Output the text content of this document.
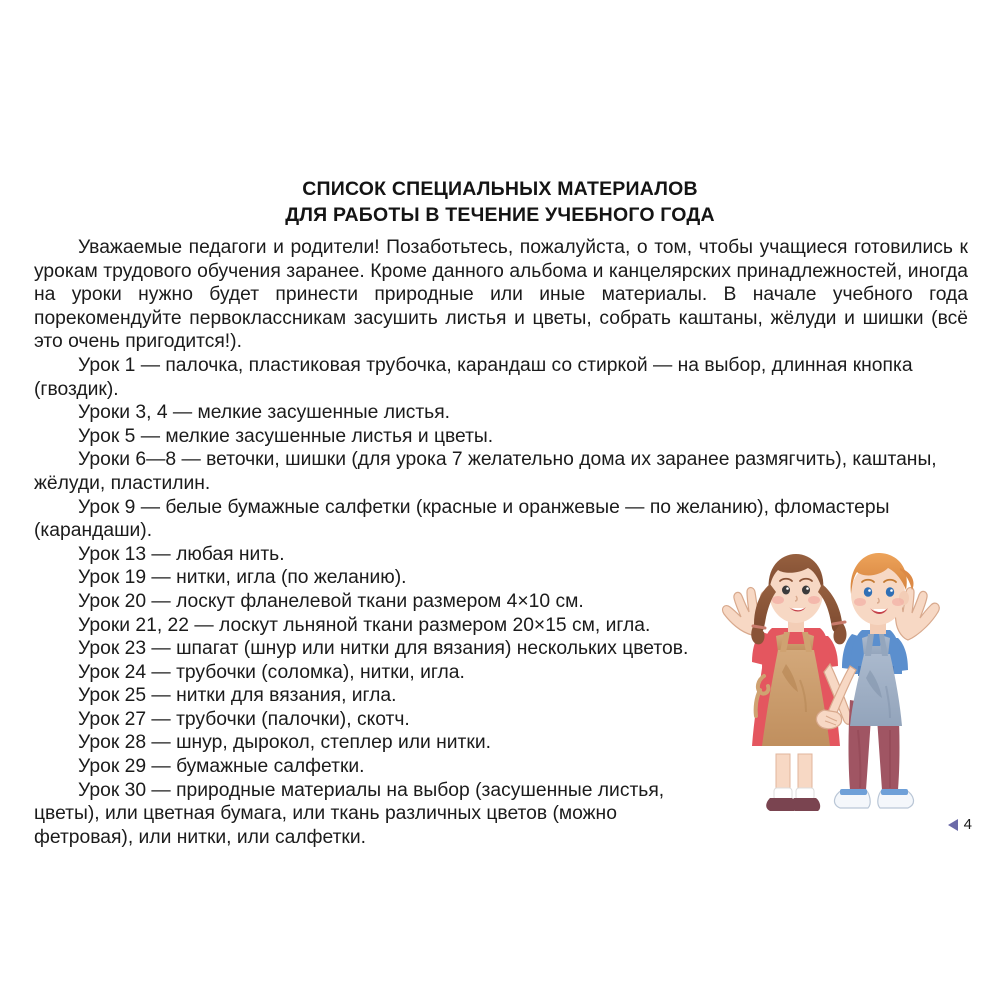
СПИСОК СПЕЦИАЛЬНЫХ МАТЕРИАЛОВ
ДЛЯ РАБОТЫ В ТЕЧЕНИЕ УЧЕБНОГО ГОДА

Уважаемые педагоги и родители! Позаботьтесь, пожалуйста, о том, чтобы учащиеся готовились к урокам трудового обучения заранее. Кроме данного альбома и канцелярских принадлежностей, иногда на уроки нужно будет принести природные или иные материалы. В начале учебного года порекомендуйте первоклассникам засушить листья и цветы, собрать каштаны, жёлуди и шишки (всё это очень пригодится!).

Урок 1 — палочка, пластиковая трубочка, карандаш со стиркой — на выбор, длинная кнопка (гвоздик).

Уроки 3, 4 — мелкие засушенные листья.

Урок 5 — мелкие засушенные листья и цветы.

Уроки 6—8 — веточки, шишки (для урока 7 желательно дома их заранее размягчить), каштаны, жёлуди, пластилин.

Урок 9 — белые бумажные салфетки (красные и оранжевые — по желанию), фломастеры (карандаши).

Урок 13 — любая нить.

Урок 19 — нитки, игла (по желанию).

Урок 20 — лоскут фланелевой ткани размером 4×10 см.

Уроки 21, 22 — лоскут льняной ткани размером 20×15 см, игла.

Урок 23 — шпагат (шнур или нитки для вязания) нескольких цветов.

Урок 24 — трубочки (соломка), нитки, игла.

Урок 25 — нитки для вязания, игла.

Урок 27 — трубочки (палочки), скотч.

Урок 28 — шнур, дырокол, степлер или нитки.

Урок 29 — бумажные салфетки.

Урок 30 — природные материалы на выбор (засушенные листья, цветы), или цветная бумага, или ткань различных цветов (можно фетровая), или нитки, или салфетки.

4
